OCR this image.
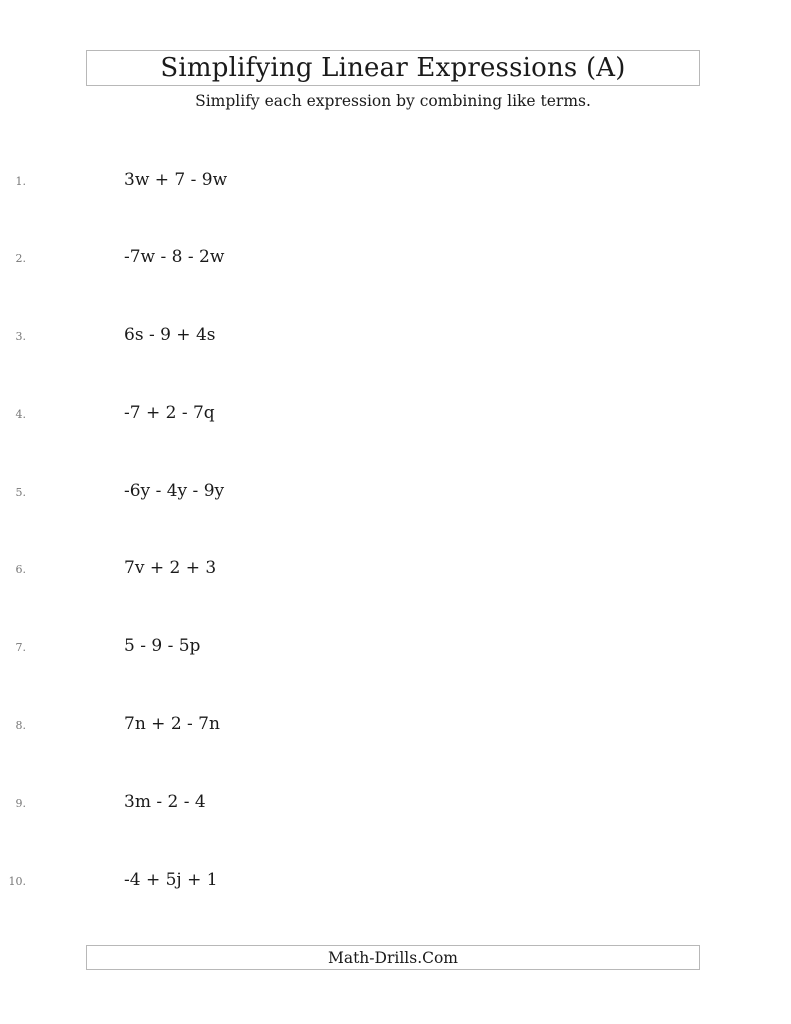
Simplifying Linear Expressions (A)
Simplify each expression by combining like terms.
1.	3w + 7 - 9w
2.	-7w - 8 - 2w
3.	6s - 9 + 4s
4.	-7 + 2 - 7q
5.	-6y - 4y - 9y
6.	7v + 2 + 3
7.	5 - 9 - 5p
8.	7n + 2 - 7n
9.	3m - 2 - 4
10.	-4 + 5j + 1
Math-Drills.Com
